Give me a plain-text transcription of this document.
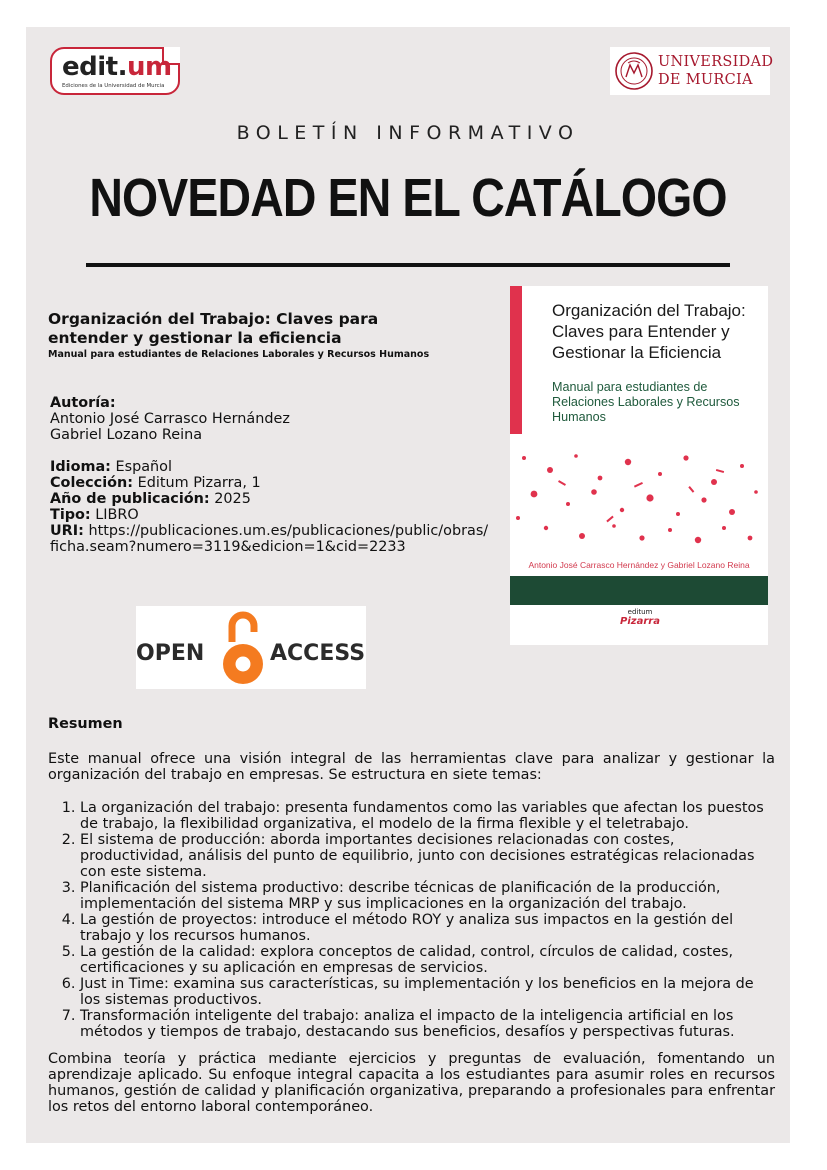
edit.um
Ediciones de la Universidad de Murcia
UNIVERSIDAD
DE MURCIA
BOLETÍN INFORMATIVO
NOVEDAD EN EL CATÁLOGO
Organización del Trabajo: Claves para entender y gestionar la eficiencia
Manual para estudiantes de Relaciones Laborales y Recursos Humanos
Autoría:
Antonio José Carrasco Hernández
Gabriel Lozano Reina
Idioma: Español
Colección: Editum Pizarra, 1
Año de publicación: 2025
Tipo: LIBRO
URI: https://publicaciones.um.es/publicaciones/public/obras/ficha.seam?numero=3119&edicion=1&cid=2233
Organización del Trabajo: Claves para Entender y Gestionar la Eficiencia
Manual para estudiantes de Relaciones Laborales y Recursos Humanos
Antonio José Carrasco Hernández y Gabriel Lozano Reina
editum
Pizarra
OPEN	ACCESS
Resumen
Este manual ofrece una visión integral de las herramientas clave para analizar y gestionar la organización del trabajo en empresas. Se estructura en siete temas:
1. La organización del trabajo: presenta fundamentos como las variables que afectan los puestos de trabajo, la flexibilidad organizativa, el modelo de la firma flexible y el teletrabajo.
2. El sistema de producción: aborda importantes decisiones relacionadas con costes, productividad, análisis del punto de equilibrio, junto con decisiones estratégicas relacionadas con este sistema.
3. Planificación del sistema productivo: describe técnicas de planificación de la producción, implementación del sistema MRP y sus implicaciones en la organización del trabajo.
4. La gestión de proyectos: introduce el método ROY y analiza sus impactos en la gestión del trabajo y los recursos humanos.
5. La gestión de la calidad: explora conceptos de calidad, control, círculos de calidad, costes, certificaciones y su aplicación en empresas de servicios.
6. Just in Time: examina sus características, su implementación y los beneficios en la mejora de los sistemas productivos.
7. Transformación inteligente del trabajo: analiza el impacto de la inteligencia artificial en los métodos y tiempos de trabajo, destacando sus beneficios, desafíos y perspectivas futuras.
Combina teoría y práctica mediante ejercicios y preguntas de evaluación, fomentando un aprendizaje aplicado. Su enfoque integral capacita a los estudiantes para asumir roles en recursos humanos, gestión de calidad y planificación organizativa, preparando a profesionales para enfrentar los retos del entorno laboral contemporáneo.
